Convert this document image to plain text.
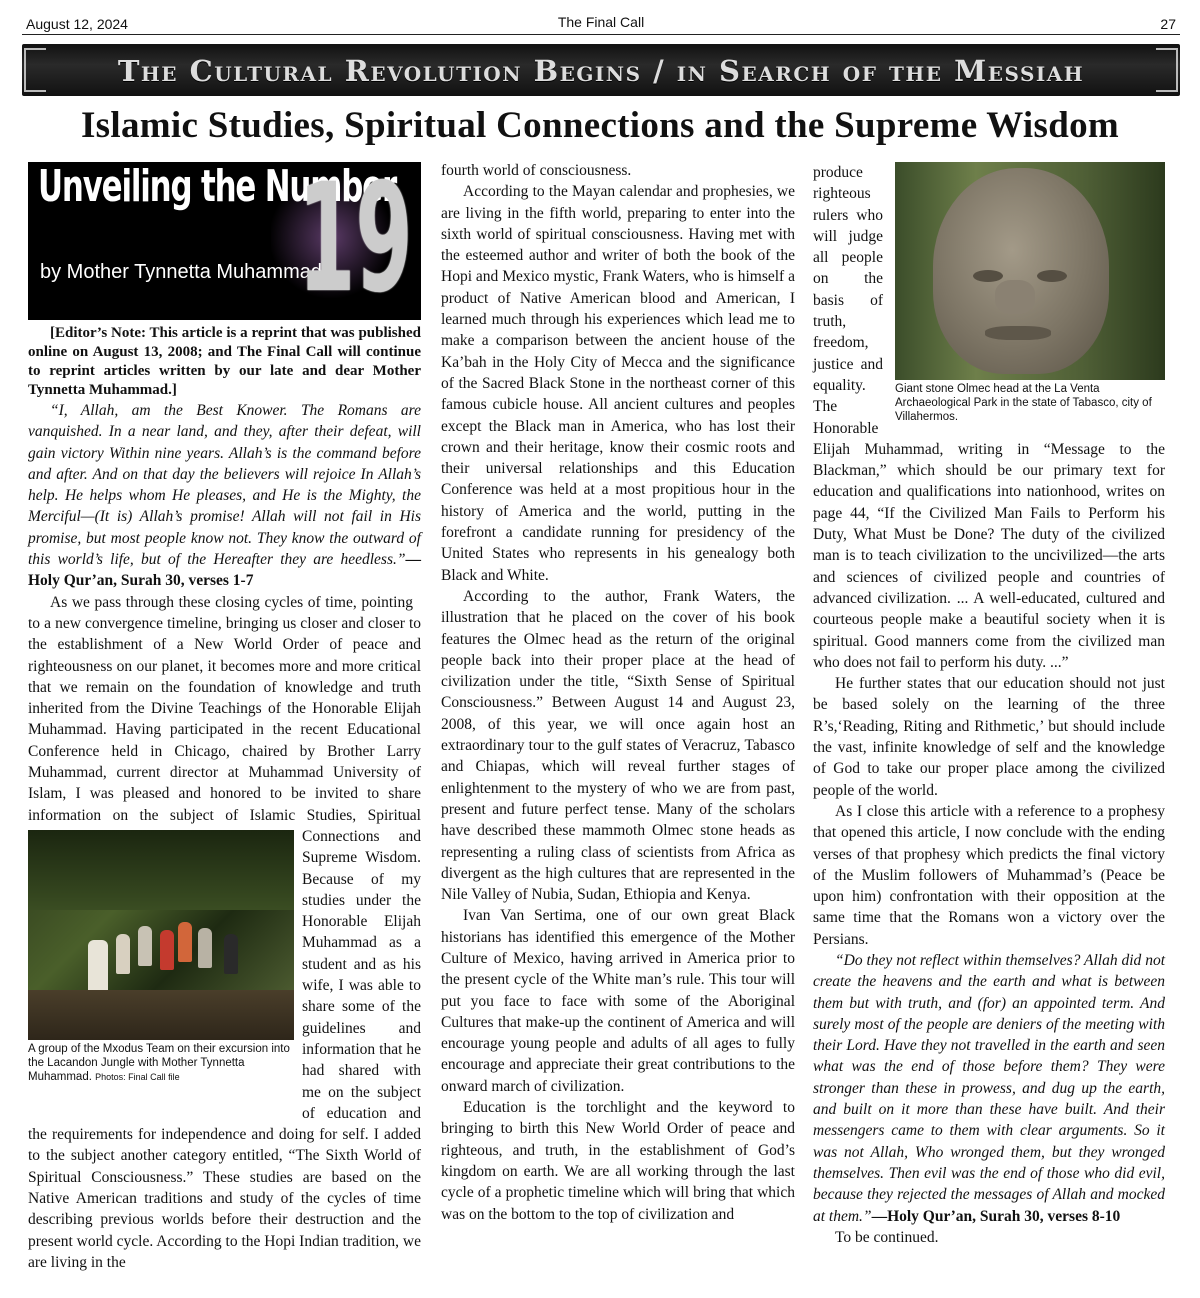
August 12, 2024	The Final Call	27
The Cultural Revolution Begins / in Search of the Messiah
Islamic Studies, Spiritual Connections and the Supreme Wisdom
Unveiling the Number
by Mother Tynnetta Muhammad
19

[Editor’s Note: This article is a reprint that was published online on August 13, 2008; and The Final Call will continue to reprint articles written by our late and dear Mother Tynnetta Muhammad.]

“I, Allah, am the Best Knower. The Romans are vanquished. In a near land, and they, after their defeat, will gain victory Within nine years. Allah’s is the command before and after. And on that day the believers will rejoice In Allah’s help. He helps whom He pleases, and He is the Mighty, the Merciful—(It is) Allah’s promise! Allah will not fail in His promise, but most people know not. They know the outward of this world’s life, but of the Hereafter they are heedless.”—Holy Qur’an, Surah 30, verses 1-7

As we pass through these closing cycles of time, pointing to a new convergence timeline, bringing us closer and closer to the establishment of a New World Order of peace and righteousness on our planet, it becomes more and more critical that we remain on the foundation of knowledge and truth inherited from the Divine Teachings of the Honorable Elijah Muhammad. Having participated in the recent Educational Conference held in Chicago, chaired by Brother Larry Muhammad, current director at Muhammad University of Islam, I was pleased and honored to be invited to share information on the subject of Islamic Studies, Spiritual Connections and Supreme Wisdom. Because of my studies under the Honorable Elijah Muhammad as a student and as his wife, I was able to share some of the guidelines and information that he had shared with me on the subject of education and the requirements for independence and doing for self. I added to the subject another category entitled, “The Sixth World of Spiritual Consciousness.” These studies are based on the Native American traditions and study of the cycles of time describing previous worlds before their destruction and the present world cycle. According to the Hopi Indian tradition, we are living in the

A group of the Mxodus Team on their excursion into the Lacandon Jungle with Mother Tynnetta Muhammad. Photos: Final Call file

fourth world of consciousness.

According to the Mayan calendar and prophesies, we are living in the fifth world, preparing to enter into the sixth world of spiritual consciousness. Having met with the esteemed author and writer of both the book of the Hopi and Mexico mystic, Frank Waters, who is himself a product of Native American blood and American, I learned much through his experiences which lead me to make a comparison between the ancient house of the Ka’bah in the Holy City of Mecca and the significance of the Sacred Black Stone in the northeast corner of this famous cubicle house. All ancient cultures and peoples except the Black man in America, who has lost their crown and their heritage, know their cosmic roots and their universal relationships and this Education Conference was held at a most propitious hour in the history of America and the world, putting in the forefront a candidate running for presidency of the United States who represents in his genealogy both Black and White.

According to the author, Frank Waters, the illustration that he placed on the cover of his book features the Olmec head as the return of the original people back into their proper place at the head of civilization under the title, “Sixth Sense of Spiritual Consciousness.” Between August 14 and August 23, 2008, of this year, we will once again host an extraordinary tour to the gulf states of Veracruz, Tabasco and Chiapas, which will reveal further stages of enlightenment to the mystery of who we are from past, present and future perfect tense. Many of the scholars have described these mammoth Olmec stone heads as representing a ruling class of scientists from Africa as divergent as the high cultures that are represented in the Nile Valley of Nubia, Sudan, Ethiopia and Kenya.

Ivan Van Sertima, one of our own great Black historians has identified this emergence of the Mother Culture of Mexico, having arrived in America prior to the present cycle of the White man’s rule. This tour will put you face to face with some of the Aboriginal Cultures that make-up the continent of America and will encourage young people and adults of all ages to fully encourage and appreciate their great contributions to the onward march of civilization.

Education is the torchlight and the keyword to bringing to birth this New World Order of peace and righteous, and truth, in the establishment of God’s kingdom on earth. We are all working through the last cycle of a prophetic timeline which will bring that which was on the bottom to the top of civilization and

Giant stone Olmec head at the La Venta Archaeological Park in the state of Tabasco, city of Villahermos.

produce righteous rulers who will judge all people on the basis of truth, freedom, justice and equality. The Honorable Elijah Muhammad, writing in “Message to the Blackman,” which should be our primary text for education and qualifications into nationhood, writes on page 44, “If the Civilized Man Fails to Perform his Duty, What Must be Done? The duty of the civilized man is to teach civilization to the uncivilized—the arts and sciences of civilized people and countries of advanced civilization. ... A well-educated, cultured and courteous people make a beautiful society when it is spiritual. Good manners come from the civilized man who does not fail to perform his duty. ...”

He further states that our education should not just be based solely on the learning of the three R’s,‘Reading, Riting and Rithmetic,’ but should include the vast, infinite knowledge of self and the knowledge of God to take our proper place among the civilized people of the world.

As I close this article with a reference to a prophesy that opened this article, I now conclude with the ending verses of that prophesy which predicts the final victory of the Muslim followers of Muhammad’s (Peace be upon him) confrontation with their opposition at the same time that the Romans won a victory over the Persians.

“Do they not reflect within themselves? Allah did not create the heavens and the earth and what is between them but with truth, and (for) an appointed term. And surely most of the people are deniers of the meeting with their Lord. Have they not travelled in the earth and seen what was the end of those before them? They were stronger than these in prowess, and dug up the earth, and built on it more than these have built. And their messengers came to them with clear arguments. So it was not Allah, Who wronged them, but they wronged themselves. Then evil was the end of those who did evil, because they rejected the messages of Allah and mocked at them.”—Holy Qur’an, Surah 30, verses 8-10

To be continued.
